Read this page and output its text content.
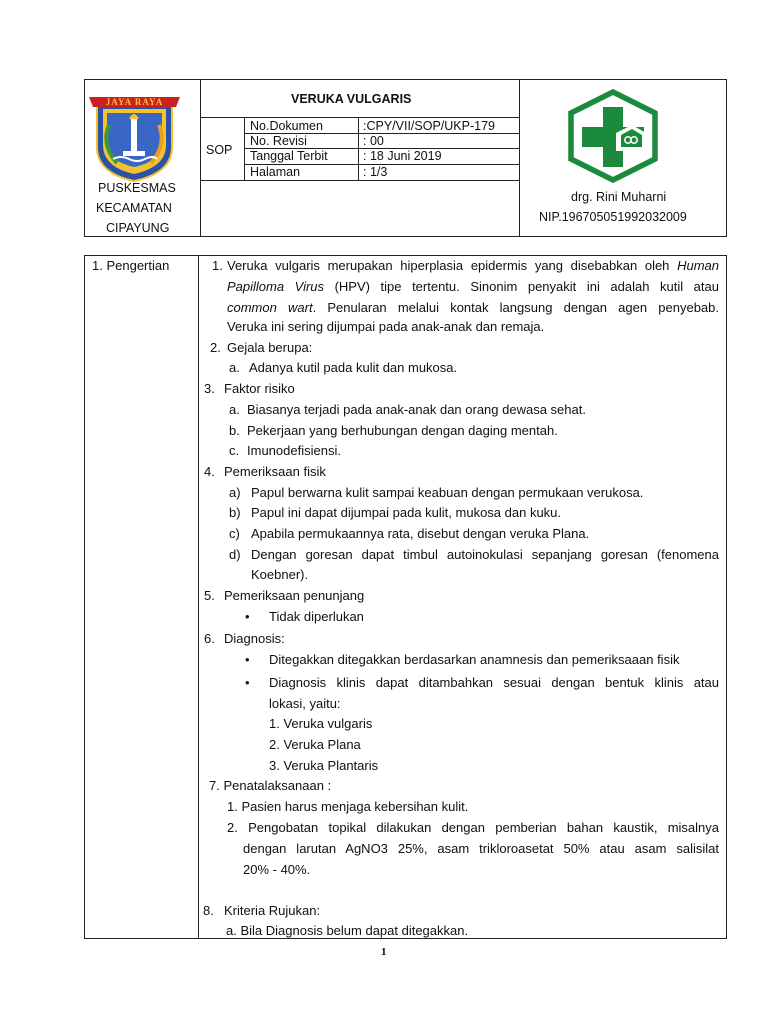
JAYA RAYA
PUSKESMAS
KECAMATAN
CIPAYUNG
VERUKA VULGARIS
SOP
No.Dokumen	:CPY/VII/SOP/UKP-179
No. Revisi	: 00
Tanggal Terbit	: 18 Juni 2019
Halaman	: 1/3
drg. Rini Muharni
NIP.196705051992032009
1. Pengertian	1. Veruka vulgaris merupakan hiperplasia epidermis yang disebabkan oleh Human
Papilloma Virus (HPV) tipe tertentu. Sinonim penyakit ini adalah kutil atau
common wart. Penularan melalui kontak langsung dengan agen penyebab.
Veruka ini sering dijumpai pada anak-anak dan remaja.
2. Gejala berupa:
a. Adanya kutil pada kulit dan mukosa.
3. Faktor risiko
a. Biasanya terjadi pada anak-anak dan orang dewasa sehat.
b. Pekerjaan yang berhubungan dengan daging mentah.
c. Imunodefisiensi.
4. Pemeriksaan fisik
a) Papul berwarna kulit sampai keabuan dengan permukaan verukosa.
b) Papul ini dapat dijumpai pada kulit, mukosa dan kuku.
c) Apabila permukaannya rata, disebut dengan veruka Plana.
d) Dengan goresan dapat timbul autoinokulasi sepanjang goresan (fenomena
Koebner).
5. Pemeriksaan penunjang
• Tidak diperlukan
6. Diagnosis:
• Ditegakkan ditegakkan berdasarkan anamnesis dan pemeriksaaan fisik
• Diagnosis klinis dapat ditambahkan sesuai dengan bentuk klinis atau
lokasi, yaitu:
1. Veruka vulgaris
2. Veruka Plana
3. Veruka Plantaris
7. Penatalaksanaan :
1. Pasien harus menjaga kebersihan kulit.
2. Pengobatan topikal dilakukan dengan pemberian bahan kaustik, misalnya
dengan larutan AgNO3 25%, asam trikloroasetat 50% atau asam salisilat
20% - 40%.
8. Kriteria Rujukan:
a. Bila Diagnosis belum dapat ditegakkan.
1
